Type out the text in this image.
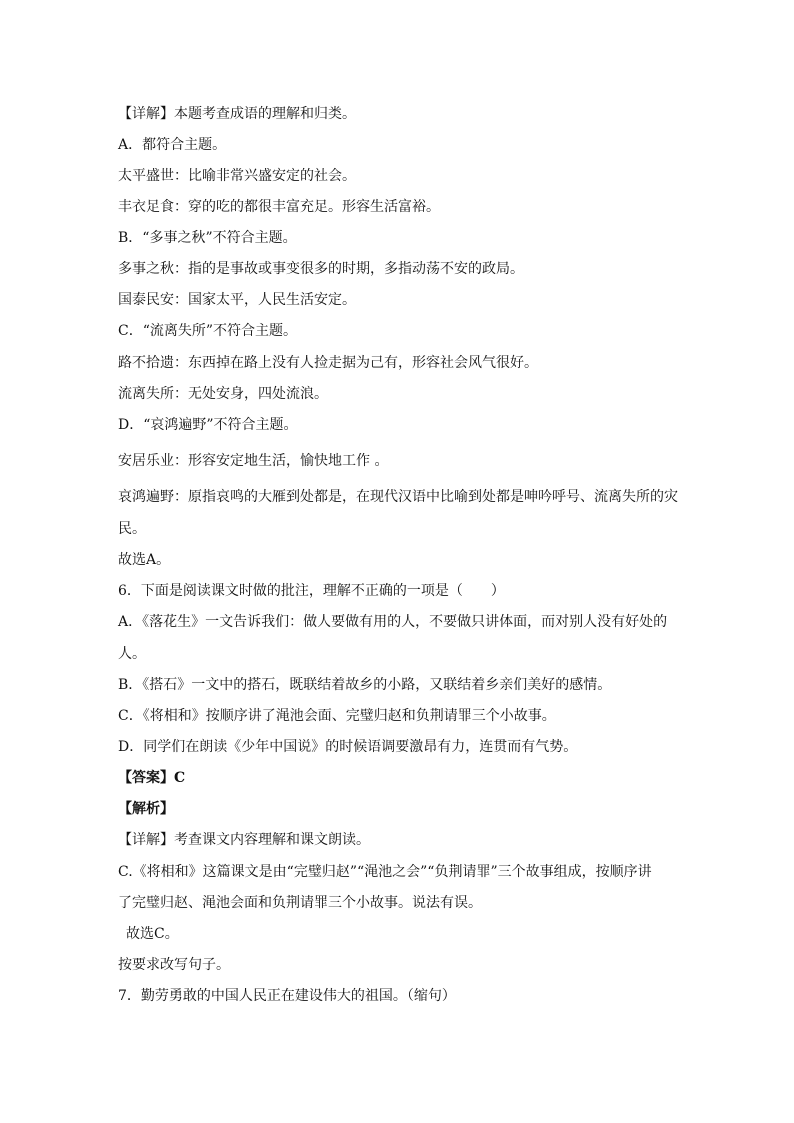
【详解】本题考查成语的理解和归类。
A．都符合主题。
太平盛世：比喻非常兴盛安定的社会。
丰衣足食：穿的吃的都很丰富充足。形容生活富裕。
B．“多事之秋”不符合主题。
多事之秋：指的是事故或事变很多的时期，多指动荡不安的政局。
国泰民安：国家太平，人民生活安定。
C．“流离失所”不符合主题。
路不拾遗：东西掉在路上没有人捡走据为己有，形容社会风气很好。
流离失所：无处安身，四处流浪。
D．“哀鸿遍野”不符合主题。
安居乐业：形容安定地生活，愉快地工作 。
哀鸿遍野：原指哀鸣的大雁到处都是，在现代汉语中比喻到处都是呻吟呼号、流离失所的灾
民。
故选A。
6．下面是阅读课文时做的批注，理解不正确的一项是（　　）
A．《落花生》一文告诉我们：做人要做有用的人，不要做只讲体面，而对别人没有好处的
人。
B．《搭石》一文中的搭石，既联结着故乡的小路，又联结着乡亲们美好的感情。
C．《将相和》按顺序讲了渑池会面、完璧归赵和负荆请罪三个小故事。
D．同学们在朗读《少年中国说》的时候语调要激昂有力，连贯而有气势。
【答案】C
【解析】
【详解】考查课文内容理解和课文朗读。
C.《将相和》这篇课文是由“完璧归赵”“渑池之会”“负荆请罪”三个故事组成，按顺序讲
了完璧归赵、渑池会面和负荆请罪三个小故事。说法有误。
故选C。
按要求改写句子。
7．勤劳勇敢的中国人民正在建设伟大的祖国。（缩句）
